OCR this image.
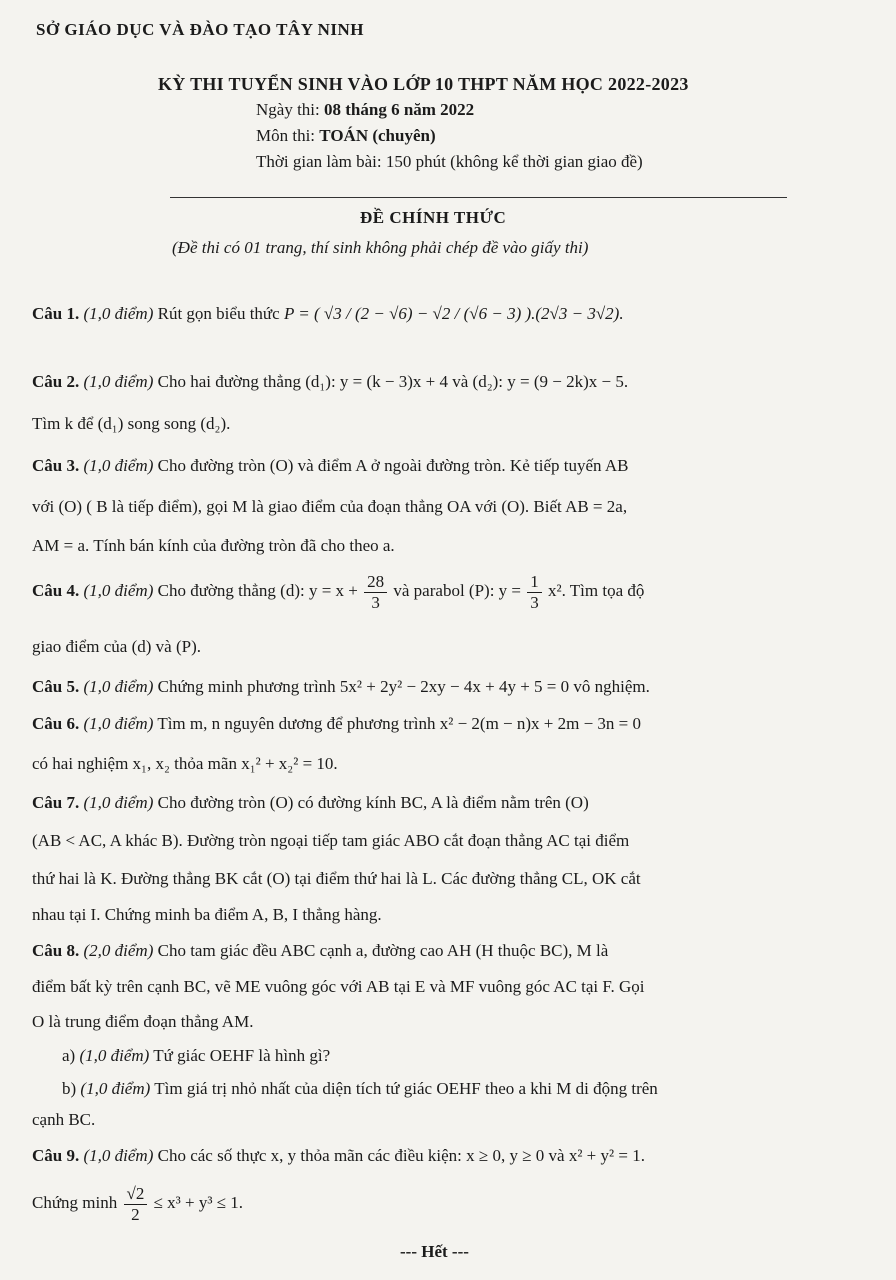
SỞ GIÁO DỤC VÀ ĐÀO TẠO TÂY NINH
KỲ THI TUYỂN SINH VÀO LỚP 10 THPT NĂM HỌC 2022-2023
Ngày thi: 08 tháng 6 năm 2022
Môn thi: TOÁN (chuyên)
Thời gian làm bài: 150 phút (không kể thời gian giao đề)
ĐỀ CHÍNH THỨC
(Đề thi có 01 trang, thí sinh không phải chép đề vào giấy thi)
Câu 1. (1,0 điểm) Rút gọn biểu thức P = ( √3 / (2 − √6) − √2 / (√6 − 3) ).(2√3 − 3√2).
Câu 2. (1,0 điểm) Cho hai đường thẳng (d₁): y = (k − 3)x + 4 và (d₂): y = (9 − 2k)x − 5.
Tìm k để (d₁) song song (d₂).
Câu 3. (1,0 điểm) Cho đường tròn (O) và điểm A ở ngoài đường tròn. Kẻ tiếp tuyến AB
với (O) ( B là tiếp điểm), gọi M là giao điểm của đoạn thẳng OA với (O). Biết AB = 2a,
AM = a. Tính bán kính của đường tròn đã cho theo a.
Câu 4. (1,0 điểm) Cho đường thẳng (d): $y = x + \frac{28}{3}$ và parabol (P): $y = \frac{1}{3} x^2$. Tìm tọa độ
giao điểm của (d) và (P).
Câu 5. (1,0 điểm) Chứng minh phương trình 5x² + 2y² − 2xy − 4x + 4y + 5 = 0 vô nghiệm.
Câu 6. (1,0 điểm) Tìm m, n nguyên dương để phương trình x² − 2(m − n)x + 2m − 3n = 0
có hai nghiệm x₁, x₂ thỏa mãn x₁² + x₂² = 10.
Câu 7. (1,0 điểm) Cho đường tròn (O) có đường kính BC, A là điểm nằm trên (O)
(AB < AC, A khác B). Đường tròn ngoại tiếp tam giác ABO cắt đoạn thẳng AC tại điểm
thứ hai là K. Đường thẳng BK cắt (O) tại điểm thứ hai là L. Các đường thẳng CL, OK cắt
nhau tại I. Chứng minh ba điểm A, B, I thẳng hàng.
Câu 8. (2,0 điểm) Cho tam giác đều ABC cạnh a, đường cao AH (H thuộc BC), M là
điểm bất kỳ trên cạnh BC, vẽ ME vuông góc với AB tại E và MF vuông góc AC tại F. Gọi
O là trung điểm đoạn thẳng AM.
a) (1,0 điểm) Tứ giác OEHF là hình gì?
b) (1,0 điểm) Tìm giá trị nhỏ nhất của diện tích tứ giác OEHF theo a khi M di động trên
cạnh BC.
Câu 9. (1,0 điểm) Cho các số thực x, y thỏa mãn các điều kiện: x ≥ 0, y ≥ 0 và x² + y² = 1.
Chứng minh $\frac{√2}{2} \le x^3 + y^3 \le 1$.
--- Hết ---
